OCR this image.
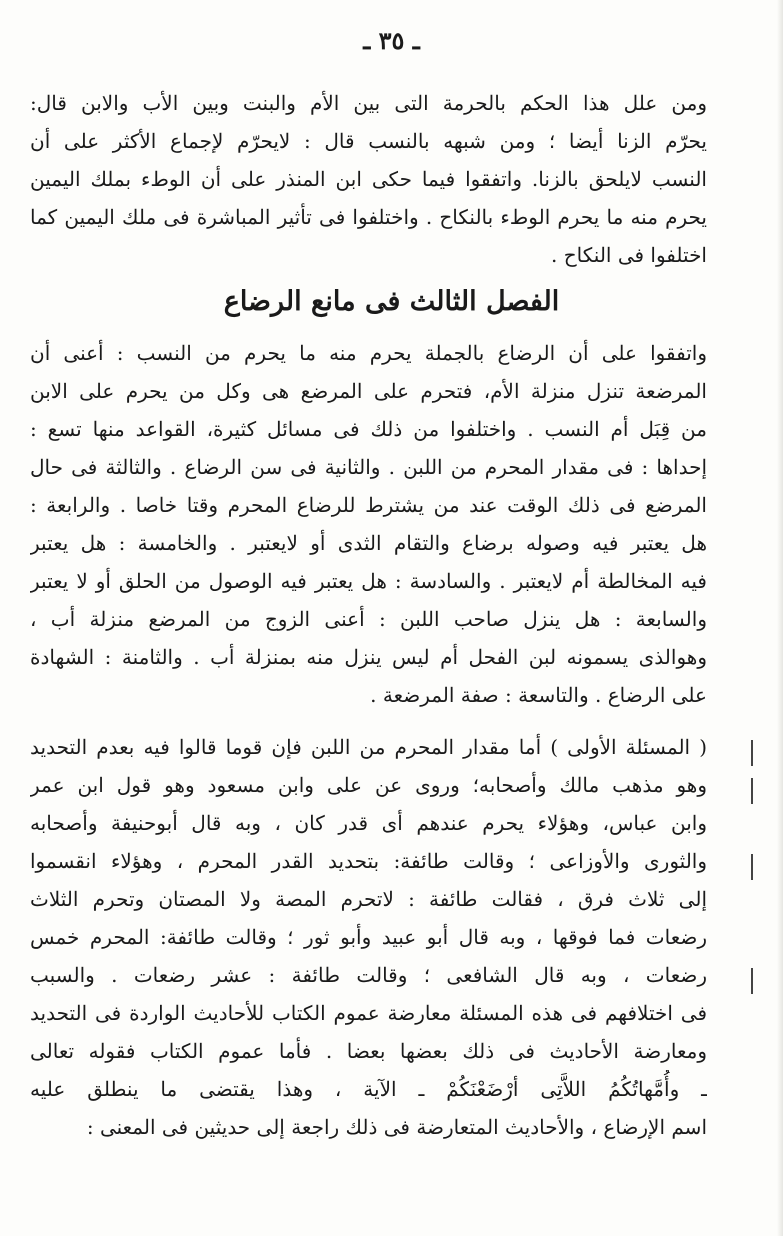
ـ ٣٥ ـ
ومن علل هذا الحكم بالحرمة التى بين الأم والبنت وبين الأب والابن قال:
يحرّم الزنا أيضا ؛ ومن شبهه بالنسب قال : لايحرّم لإجماع الأكثر على أن
النسب لايلحق بالزنا. واتفقوا فيما حكى ابن المنذر على أن الوطء بملك اليمين
يحرم منه ما يحرم الوطء بالنكاح . واختلفوا فى تأثير المباشرة فى ملك اليمين كما
اختلفوا فى النكاح .
الفصل الثالث فى مانع الرضاع
واتفقوا على أن الرضاع بالجملة يحرم منه ما يحرم من النسب : أعنى أن
المرضعة تنزل منزلة الأم، فتحرم على المرضع هى وكل من يحرم على الابن
من قِبَل أم النسب . واختلفوا من ذلك فى مسائل كثيرة، القواعد منها تسع :
إحداها : فى مقدار المحرم من اللبن . والثانية فى سن الرضاع . والثالثة فى حال
المرضع فى ذلك الوقت عند من يشترط للرضاع المحرم وقتا خاصا . والرابعة :
هل يعتبر فيه وصوله برضاع والتقام الثدى أو لايعتبر . والخامسة : هل يعتبر
فيه المخالطة أم لايعتبر . والسادسة : هل يعتبر فيه الوصول من الحلق أو لا يعتبر
والسابعة : هل ينزل صاحب اللبن : أعنى الزوج من المرضع منزلة أب ،
وهوالذى يسمونه لبن الفحل أم ليس ينزل منه بمنزلة أب . والثامنة : الشهادة
على الرضاع . والتاسعة : صفة المرضعة .
( المسئلة الأولى ) أما مقدار المحرم من اللبن فإن قوما قالوا فيه بعدم التحديد
وهو مذهب مالك وأصحابه؛ وروى عن على وابن مسعود وهو قول ابن عمر
وابن عباس، وهؤلاء يحرم عندهم أى قدر كان ، وبه قال أبوحنيفة وأصحابه
والثورى والأوزاعى ؛ وقالت طائفة: بتحديد القدر المحرم ، وهؤلاء انقسموا
إلى ثلاث فرق ، فقالت طائفة : لاتحرم المصة ولا المصتان وتحرم الثلاث
رضعات فما فوقها ، وبه قال أبو عبيد وأبو ثور ؛ وقالت طائفة: المحرم خمس
رضعات ، وبه قال الشافعى ؛ وقالت طائفة : عشر رضعات . والسبب
فى اختلافهم فى هذه المسئلة معارضة عموم الكتاب للأحاديث الواردة فى التحديد
ومعارضة الأحاديث فى ذلك بعضها بعضا . فأما عموم الكتاب فقوله تعالى
ـ وأُمَّهاتُكُمُ اللاَّتِى أرْضَعْنَكُمْ ـ الآية ، وهذا يقتضى ما ينطلق عليه
اسم الإرضاع ، والأحاديث المتعارضة فى ذلك راجعة إلى حديثين فى المعنى :
